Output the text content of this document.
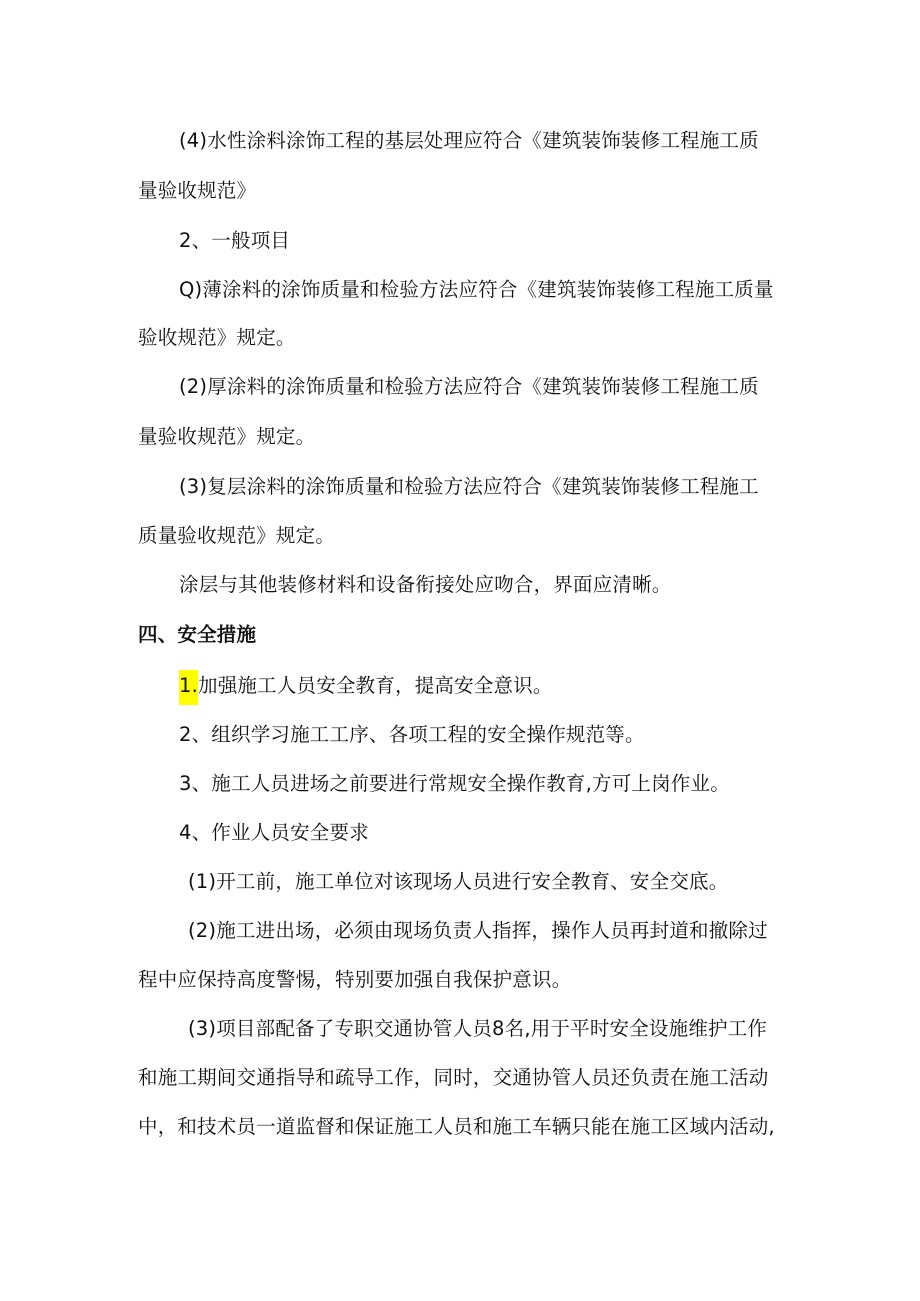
(4)水性涂料涂饰工程的基层处理应符合《建筑装饰装修工程施工质
量验收规范》
2、一般项目
Q)薄涂料的涂饰质量和检验方法应符合《建筑装饰装修工程施工质量
验收规范》规定。
(2)厚涂料的涂饰质量和检验方法应符合《建筑装饰装修工程施工质
量验收规范》规定。
(3)复层涂料的涂饰质量和检验方法应符合《建筑装饰装修工程施工
质量验收规范》规定。
涂层与其他装修材料和设备衔接处应吻合，界面应清晰。
四、安全措施
1.加强施工人员安全教育，提高安全意识。
2、组织学习施工工序、各项工程的安全操作规范等。
3、施工人员进场之前要进行常规安全操作教育,方可上岗作业。
4、作业人员安全要求
(1)开工前，施工单位对该现场人员进行安全教育、安全交底。
(2)施工进出场，必须由现场负责人指挥，操作人员再封道和撤除过
程中应保持高度警惕，特别要加强自我保护意识。
(3)项目部配备了专职交通协管人员8名,用于平时安全设施维护工作
和施工期间交通指导和疏导工作，同时，交通协管人员还负责在施工活动
中，和技术员一道监督和保证施工人员和施工车辆只能在施工区域内活动,
